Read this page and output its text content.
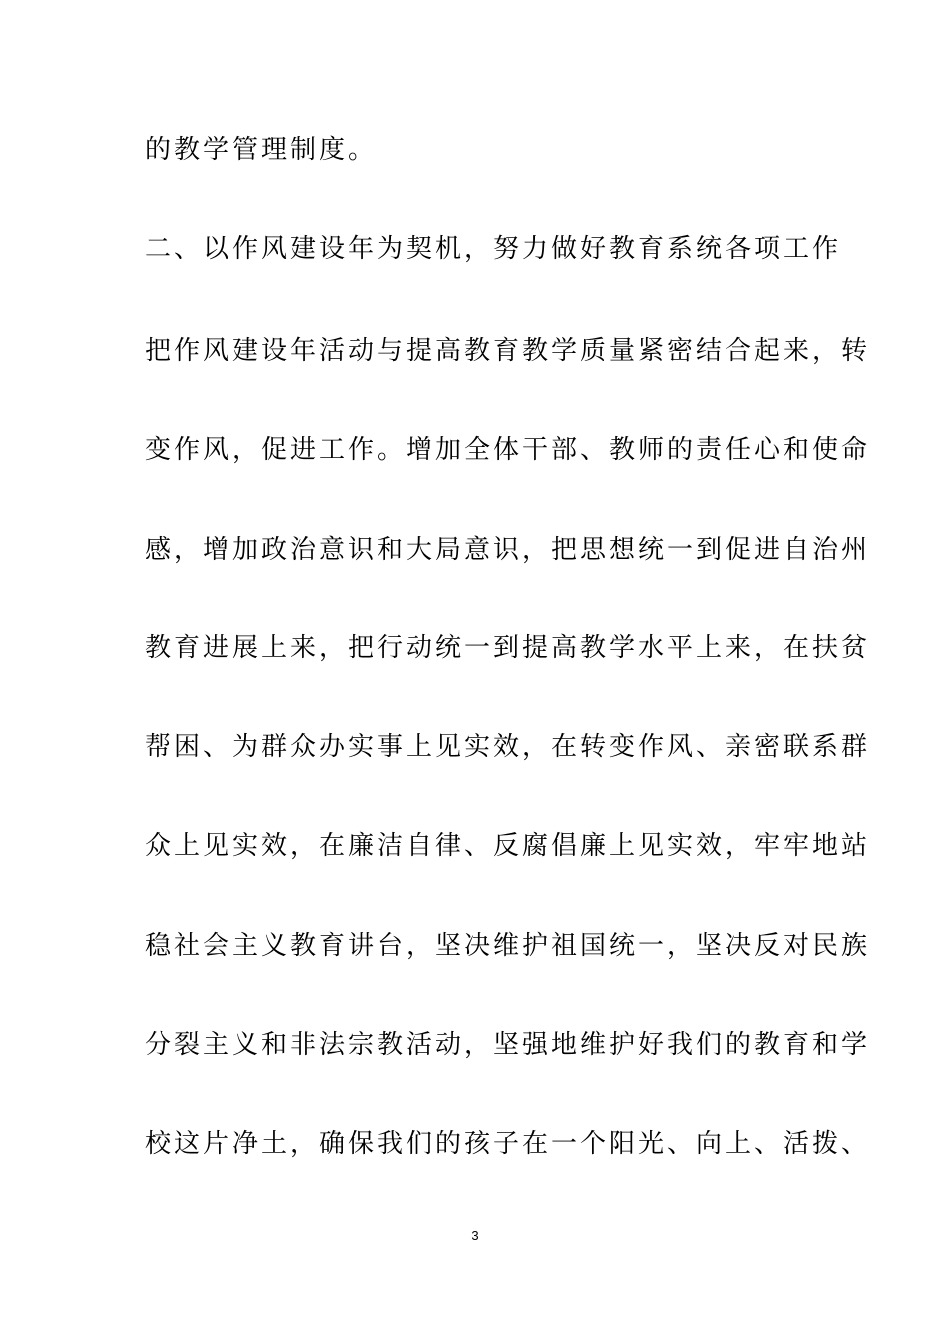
的教学管理制度。
二、以作风建设年为契机，努力做好教育系统各项工作
把作风建设年活动与提高教育教学质量紧密结合起来，转
变作风，促进工作。增加全体干部、教师的责任心和使命
感，增加政治意识和大局意识，把思想统一到促进自治州
教育进展上来，把行动统一到提高教学水平上来，在扶贫
帮困、为群众办实事上见实效，在转变作风、亲密联系群
众上见实效，在廉洁自律、反腐倡廉上见实效，牢牢地站
稳社会主义教育讲台，坚决维护祖国统一，坚决反对民族
分裂主义和非法宗教活动，坚强地维护好我们的教育和学
校这片净土，确保我们的孩子在一个阳光、向上、活拨、
3
